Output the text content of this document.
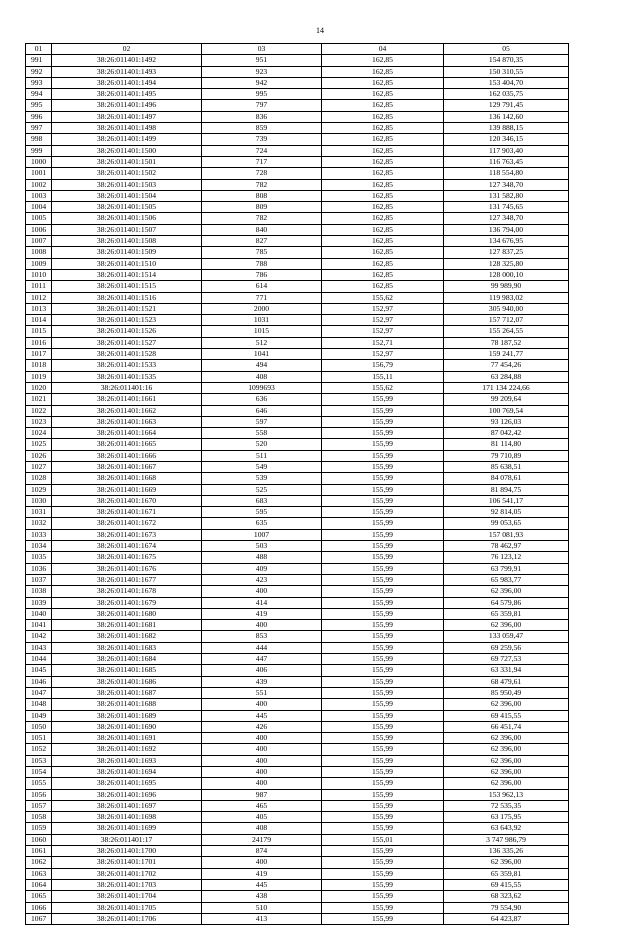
14
01	02	03	04	05
991	38:26:011401:1492	951	162,85	154 870,35
992	38:26:011401:1493	923	162,85	150 310,55
993	38:26:011401:1494	942	162,85	153 404,70
994	38:26:011401:1495	995	162,85	162 035,75
995	38:26:011401:1496	797	162,85	129 791,45
996	38:26:011401:1497	836	162,85	136 142,60
997	38:26:011401:1498	859	162,85	139 888,15
998	38:26:011401:1499	739	162,85	120 346,15
999	38:26:011401:1500	724	162,85	117 903,40
1000	38:26:011401:1501	717	162,85	116 763,45
1001	38:26:011401:1502	728	162,85	118 554,80
1002	38:26:011401:1503	782	162,85	127 348,70
1003	38:26:011401:1504	808	162,85	131 582,80
1004	38:26:011401:1505	809	162,85	131 745,65
1005	38:26:011401:1506	782	162,85	127 348,70
1006	38:26:011401:1507	840	162,85	136 794,00
1007	38:26:011401:1508	827	162,85	134 676,95
1008	38:26:011401:1509	785	162,85	127 837,25
1009	38:26:011401:1510	788	162,85	128 325,80
1010	38:26:011401:1514	786	162,85	128 000,10
1011	38:26:011401:1515	614	162,85	99 989,90
1012	38:26:011401:1516	771	155,62	119 983,02
1013	38:26:011401:1521	2000	152,97	305 940,00
1014	38:26:011401:1523	1031	152,97	157 712,07
1015	38:26:011401:1526	1015	152,97	155 264,55
1016	38:26:011401:1527	512	152,71	78 187,52
1017	38:26:011401:1528	1041	152,97	159 241,77
1018	38:26:011401:1533	494	156,79	77 454,26
1019	38:26:011401:1535	408	155,11	63 284,88
1020	38:26:011401:16	1099693	155,62	171 134 224,66
1021	38:26:011401:1661	636	155,99	99 209,64
1022	38:26:011401:1662	646	155,99	100 769,54
1023	38:26:011401:1663	597	155,99	93 126,03
1024	38:26:011401:1664	558	155,99	87 042,42
1025	38:26:011401:1665	520	155,99	81 114,80
1026	38:26:011401:1666	511	155,99	79 710,89
1027	38:26:011401:1667	549	155,99	85 638,51
1028	38:26:011401:1668	539	155,99	84 078,61
1029	38:26:011401:1669	525	155,99	81 894,75
1030	38:26:011401:1670	683	155,99	106 541,17
1031	38:26:011401:1671	595	155,99	92 814,05
1032	38:26:011401:1672	635	155,99	99 053,65
1033	38:26:011401:1673	1007	155,99	157 081,93
1034	38:26:011401:1674	503	155,99	78 462,97
1035	38:26:011401:1675	488	155,99	76 123,12
1036	38:26:011401:1676	409	155,99	63 799,91
1037	38:26:011401:1677	423	155,99	65 983,77
1038	38:26:011401:1678	400	155,99	62 396,00
1039	38:26:011401:1679	414	155,99	64 579,86
1040	38:26:011401:1680	419	155,99	65 359,81
1041	38:26:011401:1681	400	155,99	62 396,00
1042	38:26:011401:1682	853	155,99	133 059,47
1043	38:26:011401:1683	444	155,99	69 259,56
1044	38:26:011401:1684	447	155,99	69 727,53
1045	38:26:011401:1685	406	155,99	63 331,94
1046	38:26:011401:1686	439	155,99	68 479,61
1047	38:26:011401:1687	551	155,99	85 950,49
1048	38:26:011401:1688	400	155,99	62 396,00
1049	38:26:011401:1689	445	155,99	69 415,55
1050	38:26:011401:1690	426	155,99	66 451,74
1051	38:26:011401:1691	400	155,99	62 396,00
1052	38:26:011401:1692	400	155,99	62 396,00
1053	38:26:011401:1693	400	155,99	62 396,00
1054	38:26:011401:1694	400	155,99	62 396,00
1055	38:26:011401:1695	400	155,99	62 396,00
1056	38:26:011401:1696	987	155,99	153 962,13
1057	38:26:011401:1697	465	155,99	72 535,35
1058	38:26:011401:1698	405	155,99	63 175,95
1059	38:26:011401:1699	408	155,99	63 643,92
1060	38:26:011401:17	24179	155,01	3 747 986,79
1061	38:26:011401:1700	874	155,99	136 335,26
1062	38:26:011401:1701	400	155,99	62 396,00
1063	38:26:011401:1702	419	155,99	65 359,81
1064	38:26:011401:1703	445	155,99	69 415,55
1065	38:26:011401:1704	438	155,99	68 323,62
1066	38:26:011401:1705	510	155,99	79 554,90
1067	38:26:011401:1706	413	155,99	64 423,87
